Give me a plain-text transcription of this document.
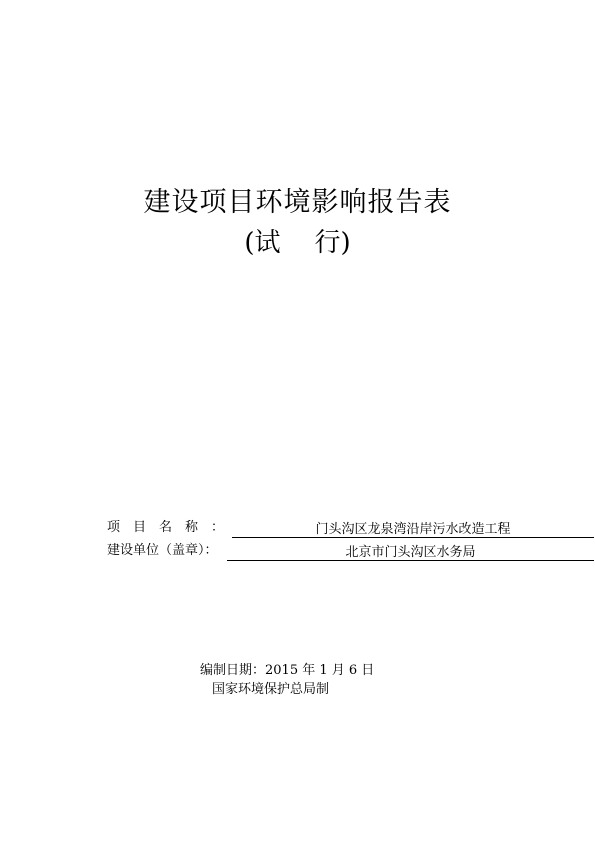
建设项目环境影响报告表
(试 行)
项目名称：	门头沟区龙泉湾沿岸污水改造工程
建设单位（盖章）：	北京市门头沟区水务局
编制日期：2015 年 1 月 6 日
国家环境保护总局制
